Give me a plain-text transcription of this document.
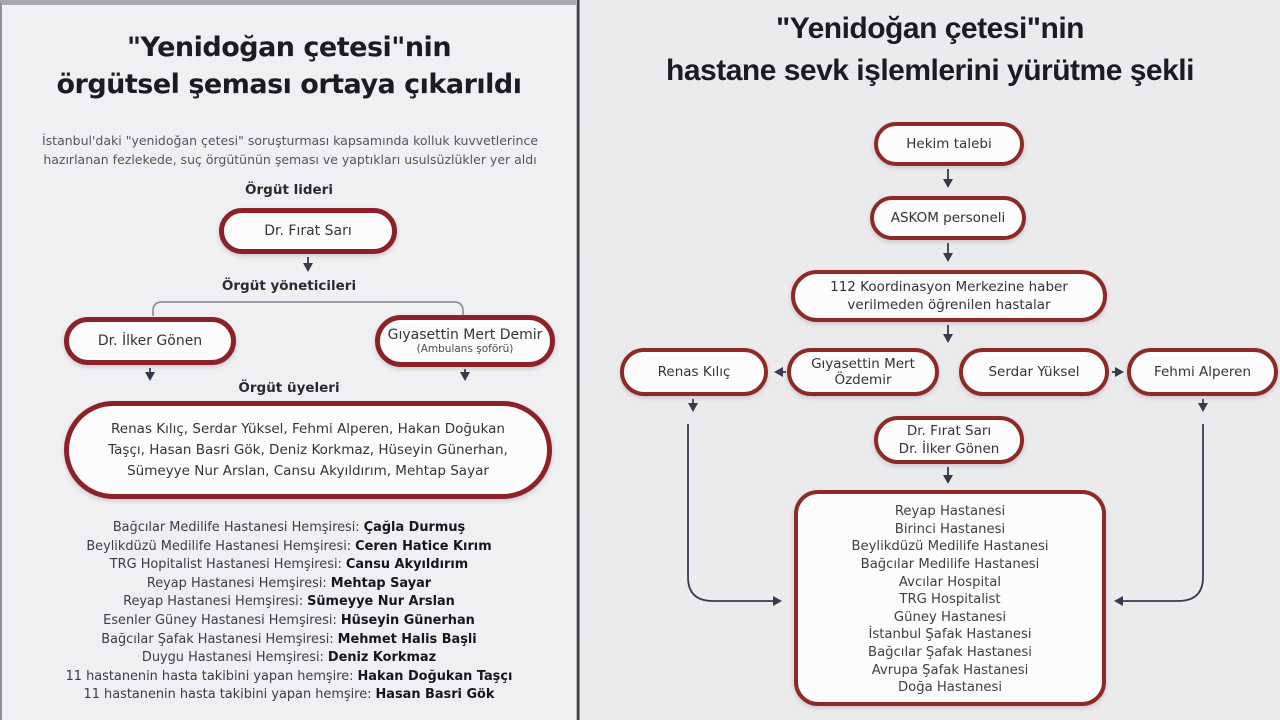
"Yenidoğan çetesi"nin
örgütsel şeması ortaya çıkarıldı
İstanbul'daki "yenidoğan çetesi" soruşturması kapsamında kolluk kuvvetlerince
hazırlanan fezlekede, suç örgütünün şeması ve yaptıkları usulsüzlükler yer aldı
Örgüt lideri
Dr. Fırat Sarı
Örgüt yöneticileri
Dr. İlker Gönen	Gıyasettin Mert Demir
(Ambulans şoförü)
Örgüt üyeleri
Renas Kılıç, Serdar Yüksel, Fehmi Alperen, Hakan Doğukan Taşçı, Hasan Basri Gök, Deniz Korkmaz, Hüseyin Günerhan, Sümeyye Nur Arslan, Cansu Akyıldırım, Mehtap Sayar
Bağcılar Medilife Hastanesi Hemşiresi: Çağla Durmuş
Beylikdüzü Medilife Hastanesi Hemşiresi: Ceren Hatice Kırım
TRG Hopitalist Hastanesi Hemşiresi: Cansu Akyıldırım
Reyap Hastanesi Hemşiresi: Mehtap Sayar
Reyap Hastanesi Hemşiresi: Sümeyye Nur Arslan
Esenler Güney Hastanesi Hemşiresi: Hüseyin Günerhan
Bağcılar Şafak Hastanesi Hemşiresi: Mehmet Halis Başli
Duygu Hastanesi Hemşiresi: Deniz Korkmaz
11 hastanenin hasta takibini yapan hemşire: Hakan Doğukan Taşçı
11 hastanenin hasta takibini yapan hemşire: Hasan Basri Gök
"Yenidoğan çetesi"nin
hastane sevk işlemlerini yürütme şekli
Hekim talebi
ASKOM personeli
112 Koordinasyon Merkezine haber
verilmeden öğrenilen hastalar
Renas Kılıç	Gıyasettin Mert
Özdemir	Serdar Yüksel	Fehmi Alperen
Dr. Fırat Sarı
Dr. İlker Gönen
Reyap Hastanesi
Birinci Hastanesi
Beylikdüzü Medilife Hastanesi
Bağcılar Medilife Hastanesi
Avcılar Hospital
TRG Hospitalist
Güney Hastanesi
İstanbul Şafak Hastanesi
Bağcılar Şafak Hastanesi
Avrupa Şafak Hastanesi
Doğa Hastanesi
